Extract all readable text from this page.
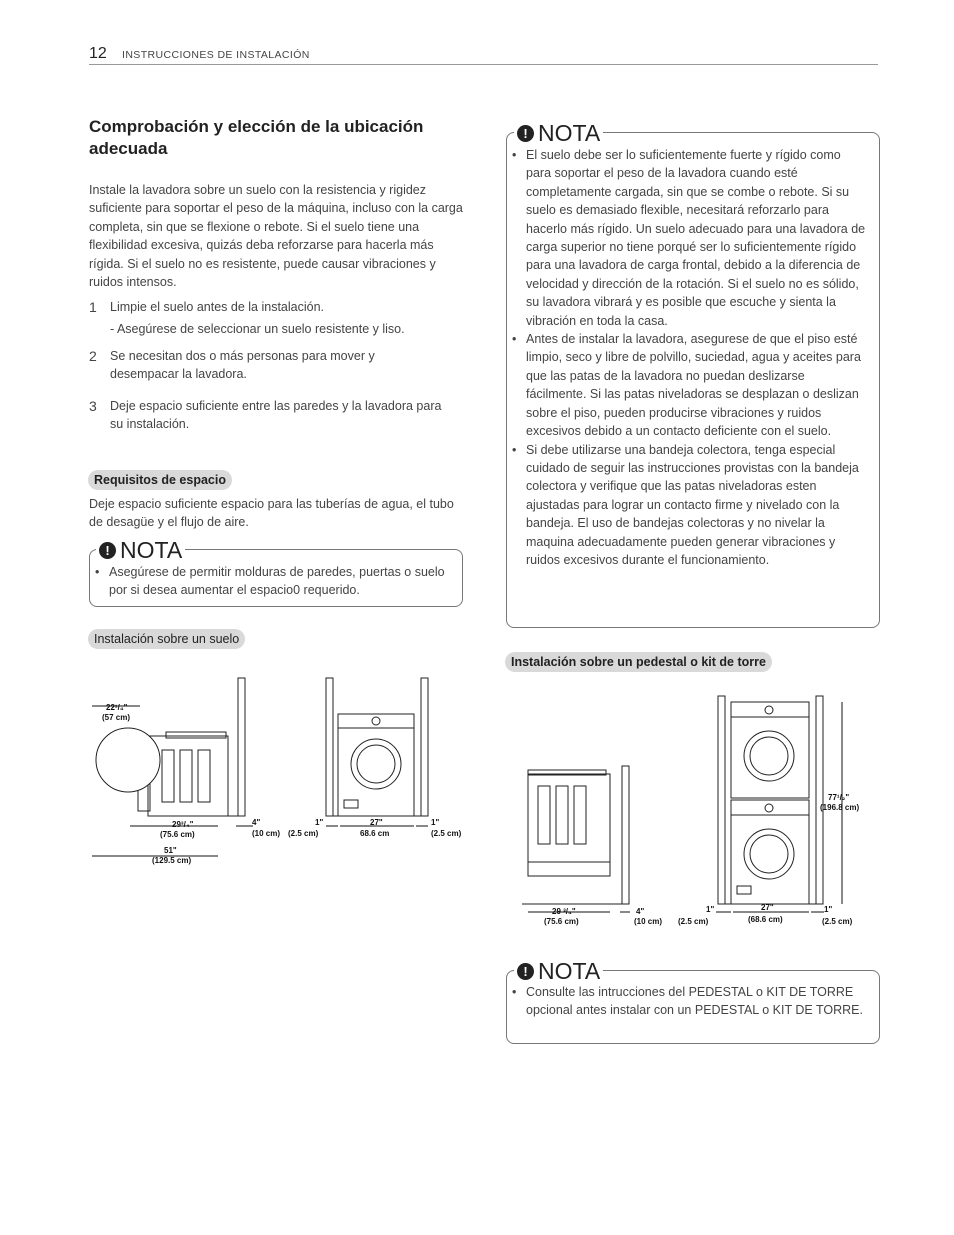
12 INSTRUCCIONES DE INSTALACIÓN
Comprobación y elección de la ubicación adecuada
Instale la lavadora sobre un suelo con la resistencia y rigidez suficiente para soportar el peso de la máquina, incluso con la carga completa, sin que se flexione o rebote. Si el suelo tiene una flexibilidad excesiva, quizás deba reforzarse para hacerla más rígida. Si el suelo no es resistente, puede causar vibraciones y ruidos intensos.
1 Limpie el suelo antes de la instalación.
- Asegúrese de seleccionar un suelo resistente y liso.
2 Se necesitan dos o más personas para mover y desempacar la lavadora.
3 Deje espacio suficiente entre las paredes y la lavadora para su instalación.
Requisitos de espacio
Deje espacio suficiente espacio para las tuberías de agua, el tubo de desagüe y el flujo de aire.
! NOTA
• Asegúrese de permitir molduras de paredes, puertas o suelo por si desea aumentar el espacio0 requerido.
Instalación sobre un suelo
22¹/₄"
(57 cm)
29³/₄"
(75.6 cm)
4"
(10 cm)
51"
(129.5 cm)
1"
(2.5 cm)
27"
68.6 cm
1"
(2.5 cm)
! NOTA
• El suelo debe ser lo suficientemente fuerte y rígido como para soportar el peso de la lavadora cuando esté completamente cargada, sin que se combe o rebote. Si su suelo es demasiado flexible, necesitará reforzarlo para hacerlo más rígido. Un suelo adecuado para una lavadora de carga superior no tiene porqué ser lo suficientemente rígido para una lavadora de carga frontal, debido a la diferencia de velocidad y dirección de la rotación. Si el suelo no es sólido, su lavadora vibrará y es posible que escuche y sienta la vibración en toda la casa.
• Antes de instalar la lavadora, asegurese de que el piso esté limpio, seco y libre de polvillo, suciedad, agua y aceites para que las patas de la lavadora no puedan deslizarse fácilmente. Si las patas niveladoras se desplazan o deslizan sobre el piso, pueden producirse vibraciones y ruidos excesivos debido a un contacto deficiente con el suelo.
• Si debe utilizarse una bandeja colectora, tenga especial cuidado de seguir las instrucciones provistas con la bandeja colectora y verifique que las patas niveladoras esten ajustadas para lograr un contacto firme y nivelado con la bandeja. El uso de bandejas colectoras y no nivelar la maquina adecuadamente pueden generar vibraciones y ruidos excesivos durante el funcionamiento.
Instalación sobre un pedestal o kit de torre
29 ³/₄"
(75.6 cm)
4"
(10 cm)
1"
(2.5 cm)
27"
(68.6 cm)
1"
(2.5 cm)
77¹/₂"
(196.8 cm)
! NOTA
• Consulte las intrucciones del PEDESTAL o KIT DE TORRE opcional antes instalar con un PEDESTAL o KIT DE TORRE.
